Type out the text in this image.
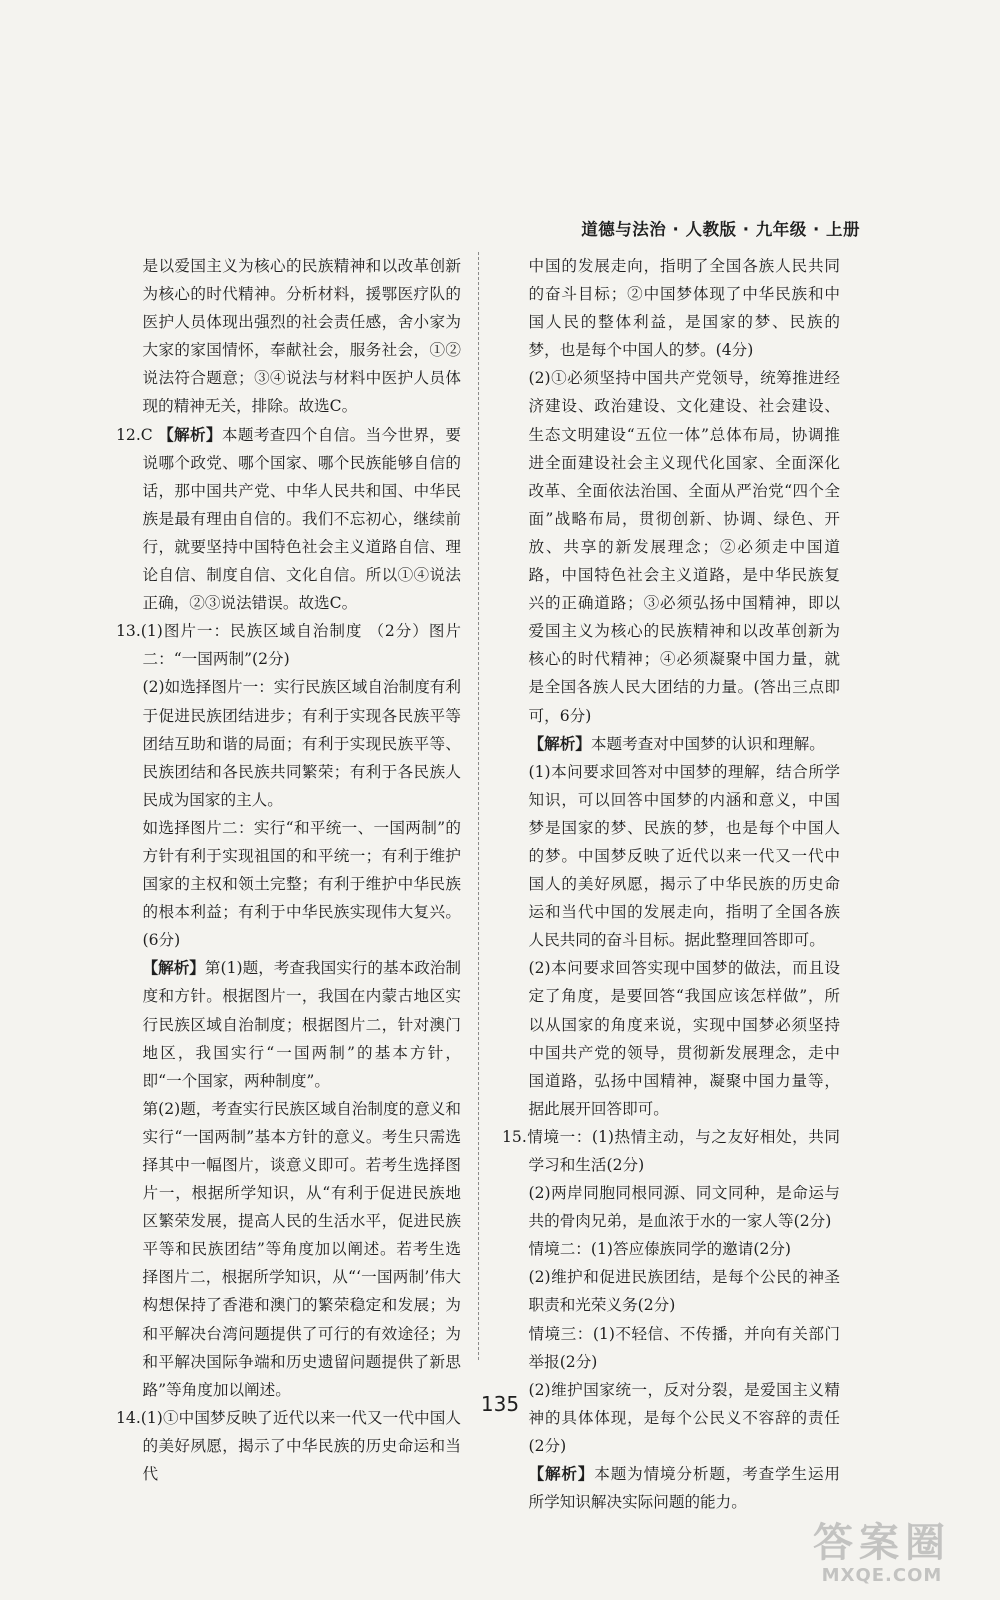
道德与法治 · 人教版 · 九年级 · 上册

是以爱国主义为核心的民族精神和以改革创新为核心的时代精神。分析材料，援鄂医疗队的医护人员体现出强烈的社会责任感，舍小家为大家的家国情怀，奉献社会，服务社会，①②说法符合题意；③④说法与材料中医护人员体现的精神无关，排除。故选C。

12.C 【解析】本题考查四个自信。当今世界，要说哪个政党、哪个国家、哪个民族能够自信的话，那中国共产党、中华人民共和国、中华民族是最有理由自信的。我们不忘初心，继续前行，就要坚持中国特色社会主义道路自信、理论自信、制度自信、文化自信。所以①④说法正确，②③说法错误。故选C。

13.(1)图片一：民族区域自治制度 （2分）图片二：“一国两制”(2分)

(2)如选择图片一：实行民族区域自治制度有利于促进民族团结进步；有利于实现各民族平等团结互助和谐的局面；有利于实现民族平等、民族团结和各民族共同繁荣；有利于各民族人民成为国家的主人。

如选择图片二：实行“和平统一、一国两制”的方针有利于实现祖国的和平统一；有利于维护国家的主权和领土完整；有利于维护中华民族的根本利益；有利于中华民族实现伟大复兴。(6分)

【解析】第(1)题，考查我国实行的基本政治制度和方针。根据图片一，我国在内蒙古地区实行民族区域自治制度；根据图片二，针对澳门地区，我国实行“一国两制”的基本方针，即“一个国家，两种制度”。

第(2)题，考查实行民族区域自治制度的意义和实行“一国两制”基本方针的意义。考生只需选择其中一幅图片，谈意义即可。若考生选择图片一，根据所学知识，从“有利于促进民族地区繁荣发展，提高人民的生活水平，促进民族平等和民族团结”等角度加以阐述。若考生选择图片二，根据所学知识，从“‘一国两制’伟大构想保持了香港和澳门的繁荣稳定和发展；为和平解决台湾问题提供了可行的有效途径；为和平解决国际争端和历史遗留问题提供了新思路”等角度加以阐述。

14.(1)①中国梦反映了近代以来一代又一代中国人的美好夙愿，揭示了中华民族的历史命运和当代

中国的发展走向，指明了全国各族人民共同的奋斗目标；②中国梦体现了中华民族和中国人民的整体利益，是国家的梦、民族的梦，也是每个中国人的梦。(4分)

(2)①必须坚持中国共产党领导，统筹推进经济建设、政治建设、文化建设、社会建设、生态文明建设“五位一体”总体布局，协调推进全面建设社会主义现代化国家、全面深化改革、全面依法治国、全面从严治党“四个全面”战略布局，贯彻创新、协调、绿色、开放、共享的新发展理念；②必须走中国道路，中国特色社会主义道路，是中华民族复兴的正确道路；③必须弘扬中国精神，即以爱国主义为核心的民族精神和以改革创新为核心的时代精神；④必须凝聚中国力量，就是全国各族人民大团结的力量。(答出三点即可，6分)

【解析】本题考查对中国梦的认识和理解。

(1)本问要求回答对中国梦的理解，结合所学知识，可以回答中国梦的内涵和意义，中国梦是国家的梦、民族的梦，也是每个中国人的梦。中国梦反映了近代以来一代又一代中国人的美好夙愿，揭示了中华民族的历史命运和当代中国的发展走向，指明了全国各族人民共同的奋斗目标。据此整理回答即可。

(2)本问要求回答实现中国梦的做法，而且设定了角度，是要回答“我国应该怎样做”，所以从国家的角度来说，实现中国梦必须坚持中国共产党的领导，贯彻新发展理念，走中国道路，弘扬中国精神，凝聚中国力量等，据此展开回答即可。

15.情境一：(1)热情主动，与之友好相处，共同学习和生活(2分)

(2)两岸同胞同根同源、同文同种，是命运与共的骨肉兄弟，是血浓于水的一家人等(2分)

情境二：(1)答应傣族同学的邀请(2分)

(2)维护和促进民族团结，是每个公民的神圣职责和光荣义务(2分)

情境三：(1)不轻信、不传播，并向有关部门举报(2分)

(2)维护国家统一，反对分裂，是爱国主义精神的具体体现，是每个公民义不容辞的责任(2分)

【解析】本题为情境分析题，考查学生运用所学知识解决实际问题的能力。

135
答案圈
MXQE.COM
